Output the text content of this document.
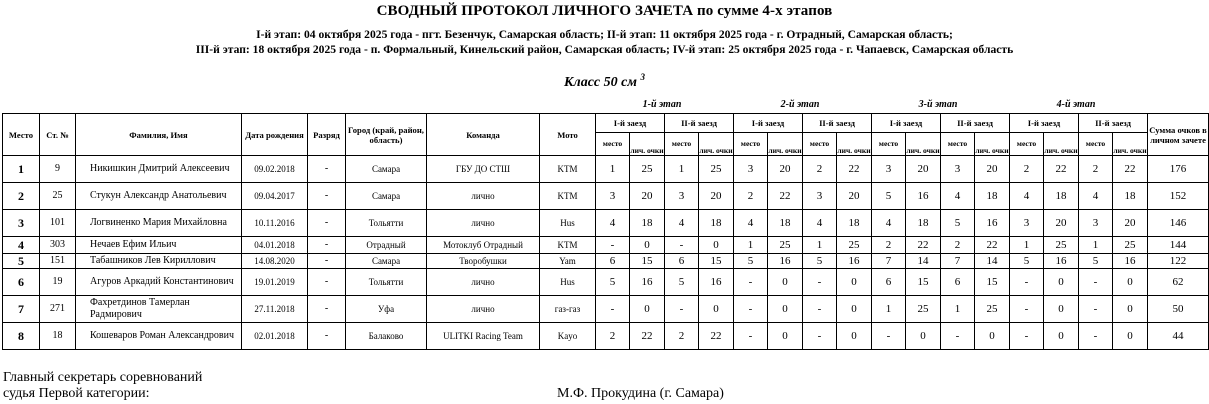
СВОДНЫЙ ПРОТОКОЛ ЛИЧНОГО ЗАЧЕТА по сумме 4-х этапов
I-й этап: 04 октября 2025 года - пгт. Безенчук, Самарская область; II-й этап: 11 октября 2025 года - г. Отрадный, Самарская область;
III-й этап: 18 октября 2025 года - п. Формальный, Кинельский район, Самарская область; IV-й этап: 25 октября 2025 года - г. Чапаевск, Самарская область
Класс 50 см $^3$
1-й этап	2-й этап	3-й этап	4-й этап
Место	Ст. №	Фамилия, Имя	Дата рождения	Разряд	Город (край, район, область)	Команда	Мото	I-й заезд		II-й заезд		I-й заезд		II-й заезд		I-й заезд		II-й заезд		I-й заезд		II-й заезд		Сумма очков в личном зачете
								место	лич. очки	место	лич. очки	место	лич. очки	место	лич. очки	место	лич. очки	место	лич. очки	место	лич. очки	место	лич. очки	
1	9	Никишкин Дмитрий Алексеевич	09.02.2018	-	Самара	ГБУ ДО СТШ	KTM	1	25	1	25	3	20	2	22	3	20	3	20	2	22	2	22	176
2	25	Стукун Александр Анатольевич	09.04.2017	-	Самара	лично	KTM	3	20	3	20	2	22	3	20	5	16	4	18	4	18	4	18	152
3	101	Логвиненко Мария Михайловна	10.11.2016	-	Тольятти	лично	Hus	4	18	4	18	4	18	4	18	4	18	5	16	3	20	3	20	146
4	303	Нечаев Ефим Ильич	04.01.2018	-	Отрадный	Мотоклуб Отрадный	KTM	-	0	-	0	1	25	1	25	2	22	2	22	1	25	1	25	144
5	151	Табашников Лев Кириллович	14.08.2020	-	Самара	Творобушки	Yam	6	15	6	15	5	16	5	16	7	14	7	14	5	16	5	16	122
6	19	Агуров Аркадий Константинович	19.01.2019	-	Тольятти	лично	Hus	5	16	5	16	-	0	-	0	6	15	6	15	-	0	-	0	62
7	271	Фахретдинов Тамерлан Радмирович	27.11.2018	-	Уфа	лично	газ-газ	-	0	-	0	-	0	-	0	1	25	1	25	-	0	-	0	50
8	18	Кошеваров Роман Александрович	02.01.2018	-	Балаково	ULITKI Racing Team	Kayo	2	22	2	22	-	0	-	0	-	0	-	0	-	0	-	0	44
Главный секретарь соревнований
судья Первой категории:	М.Ф. Прокудина (г. Самара)
